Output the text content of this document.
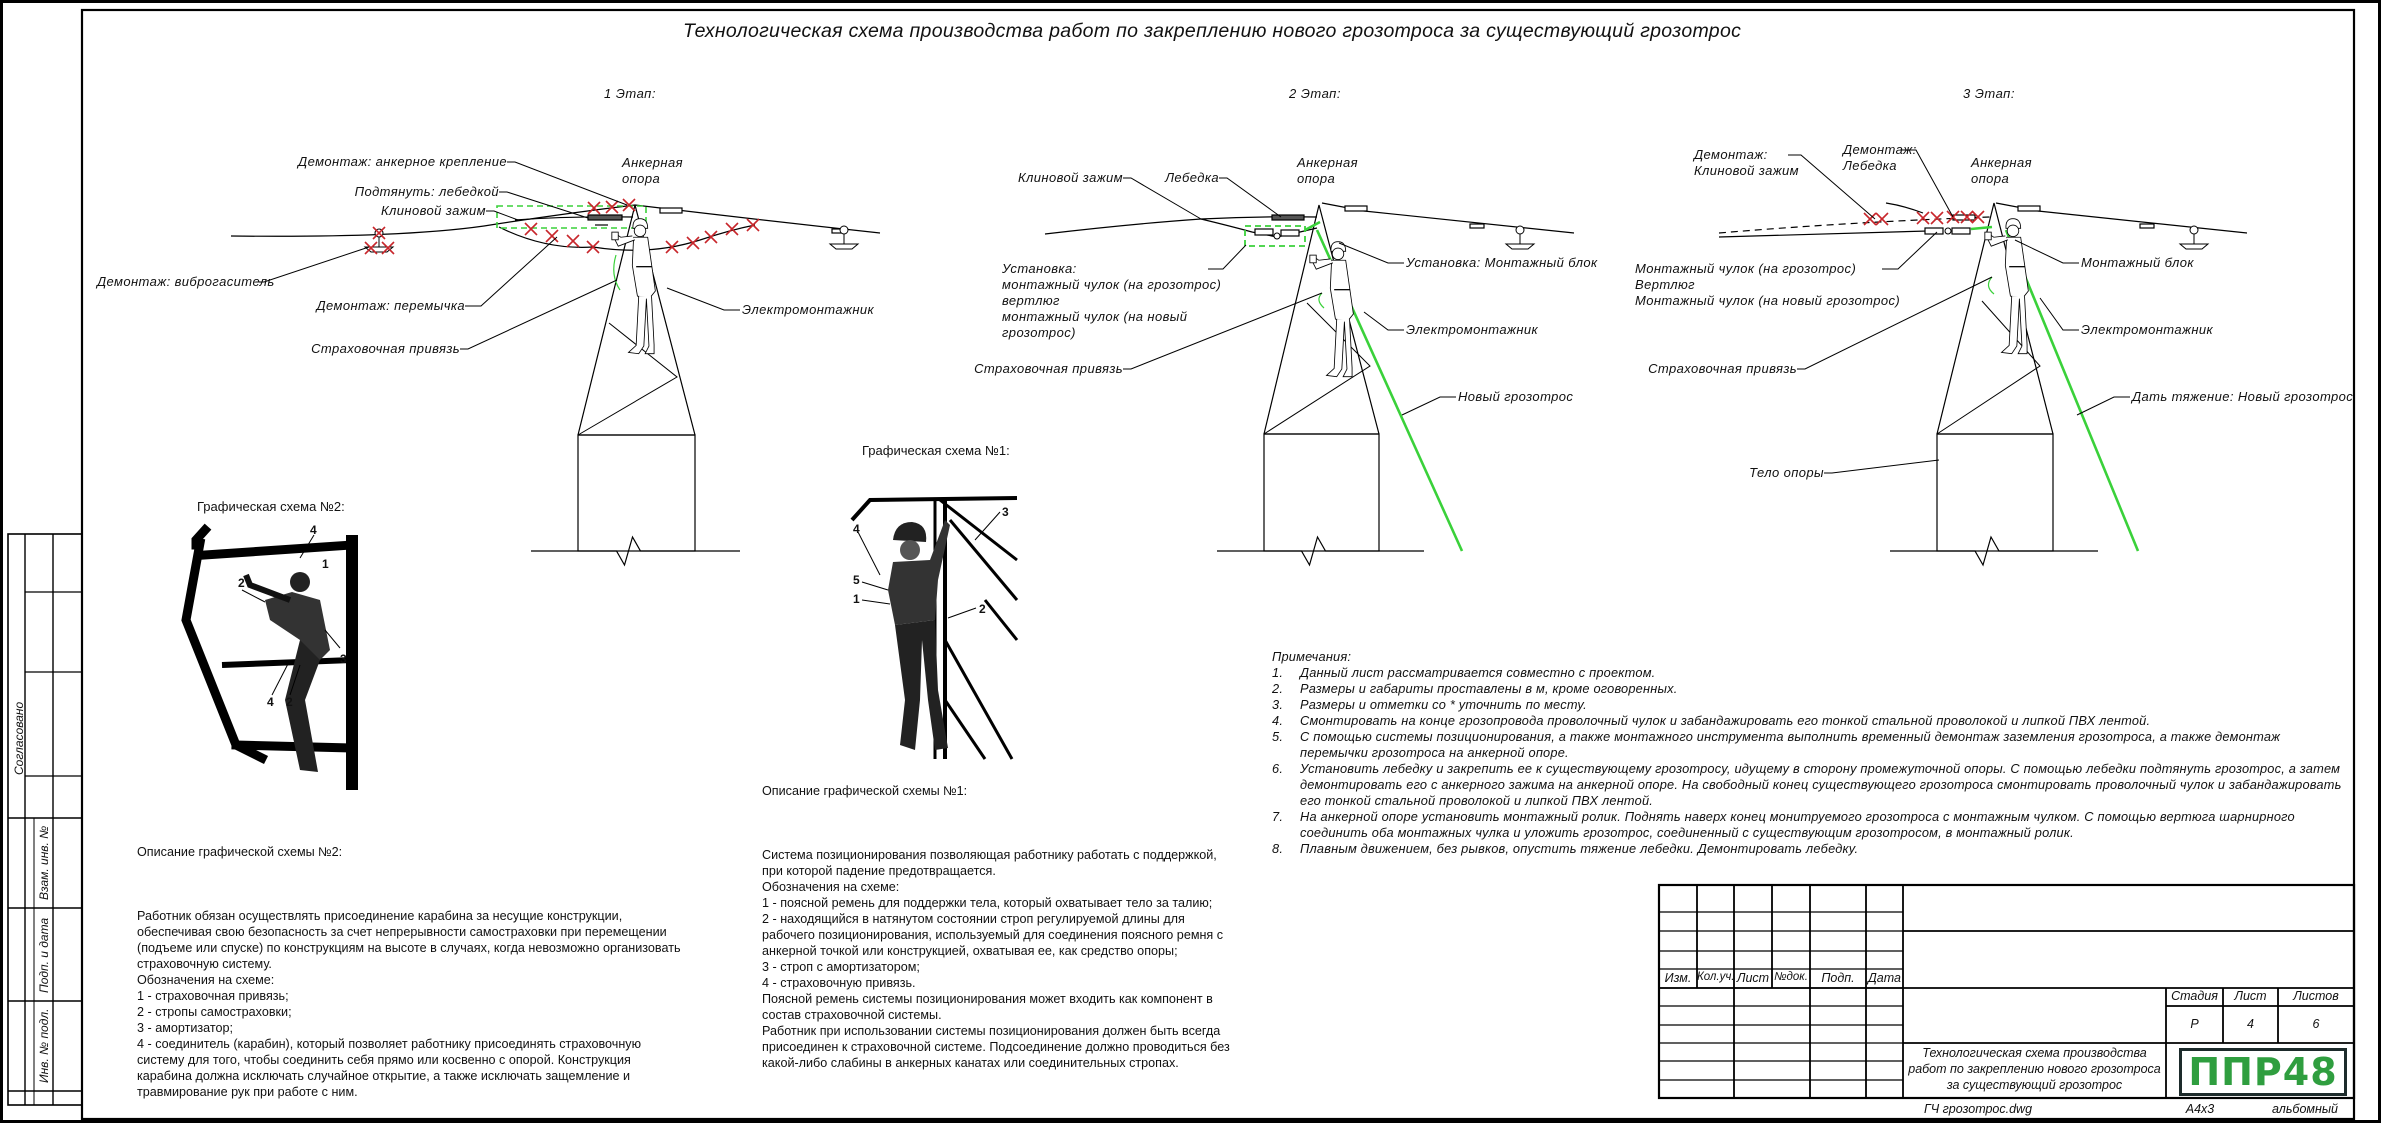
Технологическая схема производства работ по закреплению нового грозотроса за существующий грозотрос
1 Этап:	2 Этап:	3 Этап:
Демонтаж: анкерное крепление	Анкерная
опора
Подтянуть: лебедкой
Клиновой зажим
Демонтаж: виброгаситель
Демонтаж: перемычка
Страховочная привязь
Электромонтажник
Клиновой зажим	Лебедка
Анкерная
опора
Установка:
монтажный чулок (на грозотрос)
вертлюг
монтажный чулок (на новый
грозотрос)
Установка: Монтажный блок
Электромонтажник
Страховочная привязь
Новый грозотрос
Демонтаж:
Клиновой зажим
Демонтаж:
Лебедка	Анкерная
опора
Монтажный чулок (на грозотрос)
Вертлюг
Монтажный чулок (на новый грозотрос)
Монтажный блок
Электромонтажник
Страховочная привязь
Тело опоры
Дать тяжение: Новый грозотрос
Графическая схема №2:
Графическая схема №1:
4
1
2
3
4 2
4
3
5
1
2

Описание графической схемы №2:

Работник обязан осуществлять присоединение карабина за несущие конструкции,
обеспечивая свою безопасность за счет непрерывности самостраховки при перемещении
(подъеме или спуске) по конструкциям на высоте в случаях, когда невозможно организовать
страховочную систему.
Обозначения на схеме:
1 - страховочная привязь;
2 - стропы самостраховки;
3 - амортизатор;
4 - соединитель (карабин), который позволяет работнику присоединять страховочную
систему для того, чтобы соединить себя прямо или косвенно с опорой. Конструкция
карабина должна исключать случайное открытие, а также исключать защемление и
травмирование рук при работе с ним.

Описание графической схемы №1:

Система позиционирования позволяющая работнику работать с поддержкой,
при которой падение предотвращается.
Обозначения на схеме:
1 - поясной ремень для поддержки тела, который охватывает тело за талию;
2 - находящийся в натянутом состоянии строп регулируемой длины для
рабочего позиционирования, используемый для соединения поясного ремня с
анкерной точкой или конструкцией, охватывая ее, как средство опоры;
3 - строп с амортизатором;
4 - страховочную привязь.
Поясной ремень системы позиционирования может входить как компонент в
состав страховочной системы.
Работник при использовании системы позиционирования должен быть всегда
присоединен к страховочной системе. Подсоединение должно проводиться без
какой-либо слабины в анкерных канатах или соединительных стропах.

Примечания:
1.	Данный лист рассматривается совместно с проектом.
2.	Размеры и габариты проставлены в м, кроме оговоренных.
3.	Размеры и отметки со * уточнить по месту.
4.	Смонтировать на конце грозопровода проволочный чулок и забандажировать его тонкой стальной проволокой и липкой ПВХ лентой.
5.	С помощью системы позиционирования, а также монтажного инструмента выполнить временный демонтаж заземления грозотроса, а также демонтаж перемычки грозотроса на анкерной опоре.
6.	Установить лебедку и закрепить ее к существующему грозотросу, идущему в сторону промежуточной опоры. С помощью лебедки подтянуть грозотрос, а затем демонтировать его с анкерного зажима на анкерной опоре. На свободный конец существующего грозотроса смонтировать проволочный чулок и забандажировать его тонкой стальной проволокой и липкой ПВХ лентой.
7.	На анкерной опоре установить монтажный ролик. Поднять наверх конец монитруемого грозотроса с монтажным чулком. С помощью вертюга шарнирного соединить оба монтажных чулка и уложить грозотрос, соединенный с существующим грозотросом, в монтажный ролик.
8.	Плавным движением, без рывков, опустить тяжение лебедки. Демонтировать лебедку.
Согласовано
Взам. инв. №
Подп. и дата
Инв. № подл.
Изм. Кол.уч. Лист №док.	Подп.	Дата
Стадия	Лист	Листов
Р	4	6
Технологическая схема производства
работ по закреплению нового грозотроса
за существующий грозотрос	ППР48
ГЧ грозотрос.dwg	А4х3	альбомный
